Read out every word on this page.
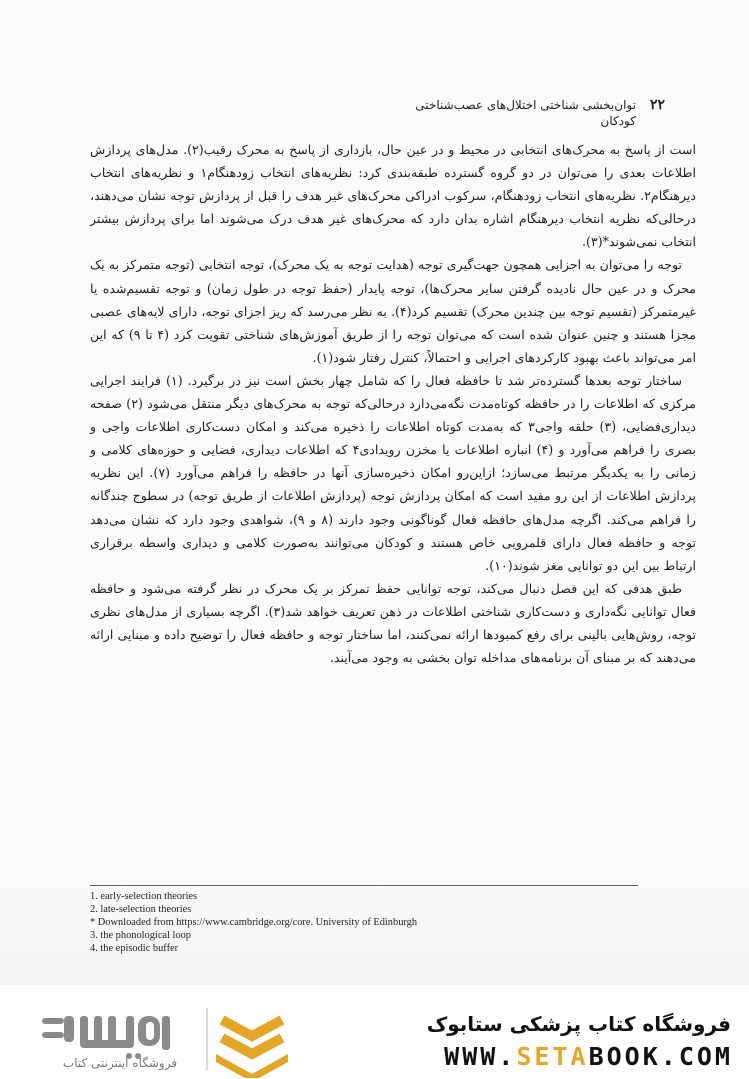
۲۲
توان‌بخشی شناختی اختلال‌های عصب‌شناختی کودکان

است از پاسخ به محرک‌های انتخابی در محیط و در عین حال، بازداری از پاسخ به محرک رقیب(۲). مدل‌های پردازش اطلاعات بعدی را می‌توان در دو گروه گسترده طبقه‌بندی کرد: نظریه‌های انتخاب زودهنگام۱ و نظریه‌های انتخاب دیرهنگام۲. نظریه‌های انتخاب زودهنگام، سرکوب ادراکی محرک‌های غیر هدف را قبل از پردازش توجه نشان می‌دهند، درحالی‌که نظریه انتخاب دیرهنگام اشاره بدان دارد که محرک‌های غیر هدف درک می‌شوند اما برای پردازش بیشتر انتخاب نمی‌شوند*(۳).

توجه را می‌توان به اجزایی همچون جهت‌گیری توجه (هدایت توجه به یک محرک)، توجه انتخابی (توجه متمرکز به یک محرک و در عین حال نادیده گرفتن سایر محرک‌ها)، توجه پایدار (حفظ توجه در طول زمان) و توجه تقسیم‌شده یا غیرمتمرکز (تقسیم توجه بین چندین محرک) تقسیم کرد(۴). به نظر می‌رسد که ریز اجزای توجه، دارای لایه‌های عصبی مجزا هستند و چنین عنوان شده است که می‌توان توجه را از طریق آموزش‌های شناختی تقویت کرد (۴ تا ۹) که این امر می‌تواند باعث بهبود کارکردهای اجرایی و احتمالاً، کنترل رفتار شود(۱).

ساختار توجه بعدها گسترده‌تر شد تا حافظه فعال را که شامل چهار بخش است نیز در برگیرد. (۱) فرایند اجرایی مرکزی که اطلاعات را در حافظه کوتاه‌مدت نگه‌می‌دارد درحالی‌که توجه به محرک‌های دیگر منتقل می‌شود (۲) صفحه دیداری‌فضایی، (۳) حلقه واجی۳ که به‌مدت کوتاه اطلاعات را ذخیره می‌کند و امکان دست‌کاری اطلاعات واجی و بصری را فراهم می‌آورد و (۴) انباره اطلاعات یا مخزن رویدادی۴ که اطلاعات دیداری، فضایی و حوزه‌های کلامی و زمانی را به یکدیگر مرتبط می‌سازد؛ ازاین‌رو امکان ذخیره‌سازی آنها در حافظه را فراهم می‌آورد (۷). این نظریه پردازش اطلاعات از این رو مفید است که امکان پردازش توجه (پردازش اطلاعات از طریق توجه) در سطوح چندگانه را فراهم می‌کند. اگرچه مدل‌های حافظه فعال گوناگونی وجود دارند (۸ و ۹)، شواهدی وجود دارد که نشان می‌دهد توجه و حافظه فعال دارای قلمرویی خاص هستند و کودکان می‌توانند به‌صورت کلامی و دیداری واسطه برقراری ارتباط بین این دو توانایی مغز شوند(۱۰).

طبق هدفی که این فصل دنبال می‌کند، توجه توانایی حفظ تمرکز بر یک محرک در نظر گرفته می‌شود و حافظه فعال توانایی نگه‌داری و دست‌کاری شناختی اطلاعات در ذهن تعریف خواهد شد(۳). اگرچه بسیاری از مدل‌های نظری توجه، روش‌هایی بالینی برای رفع کمبودها ارائه نمی‌کنند، اما ساختار توجه و حافظه فعال را توضیح داده و مبنایی ارائه می‌دهند که بر مبنای آن برنامه‌های مداخله توان بخشی به وجود می‌آیند.

1. early-selection theories
2. late-selection theories
* Downloaded from https://www.cambridge.org/core. University of Edinburgh
3. the phonological loop
4. the episodic buffer
فروشگاه اینترنتی کتاب
فروشگاه کتاب پزشکی ستابوک
WWW.SETABOOK.COM
